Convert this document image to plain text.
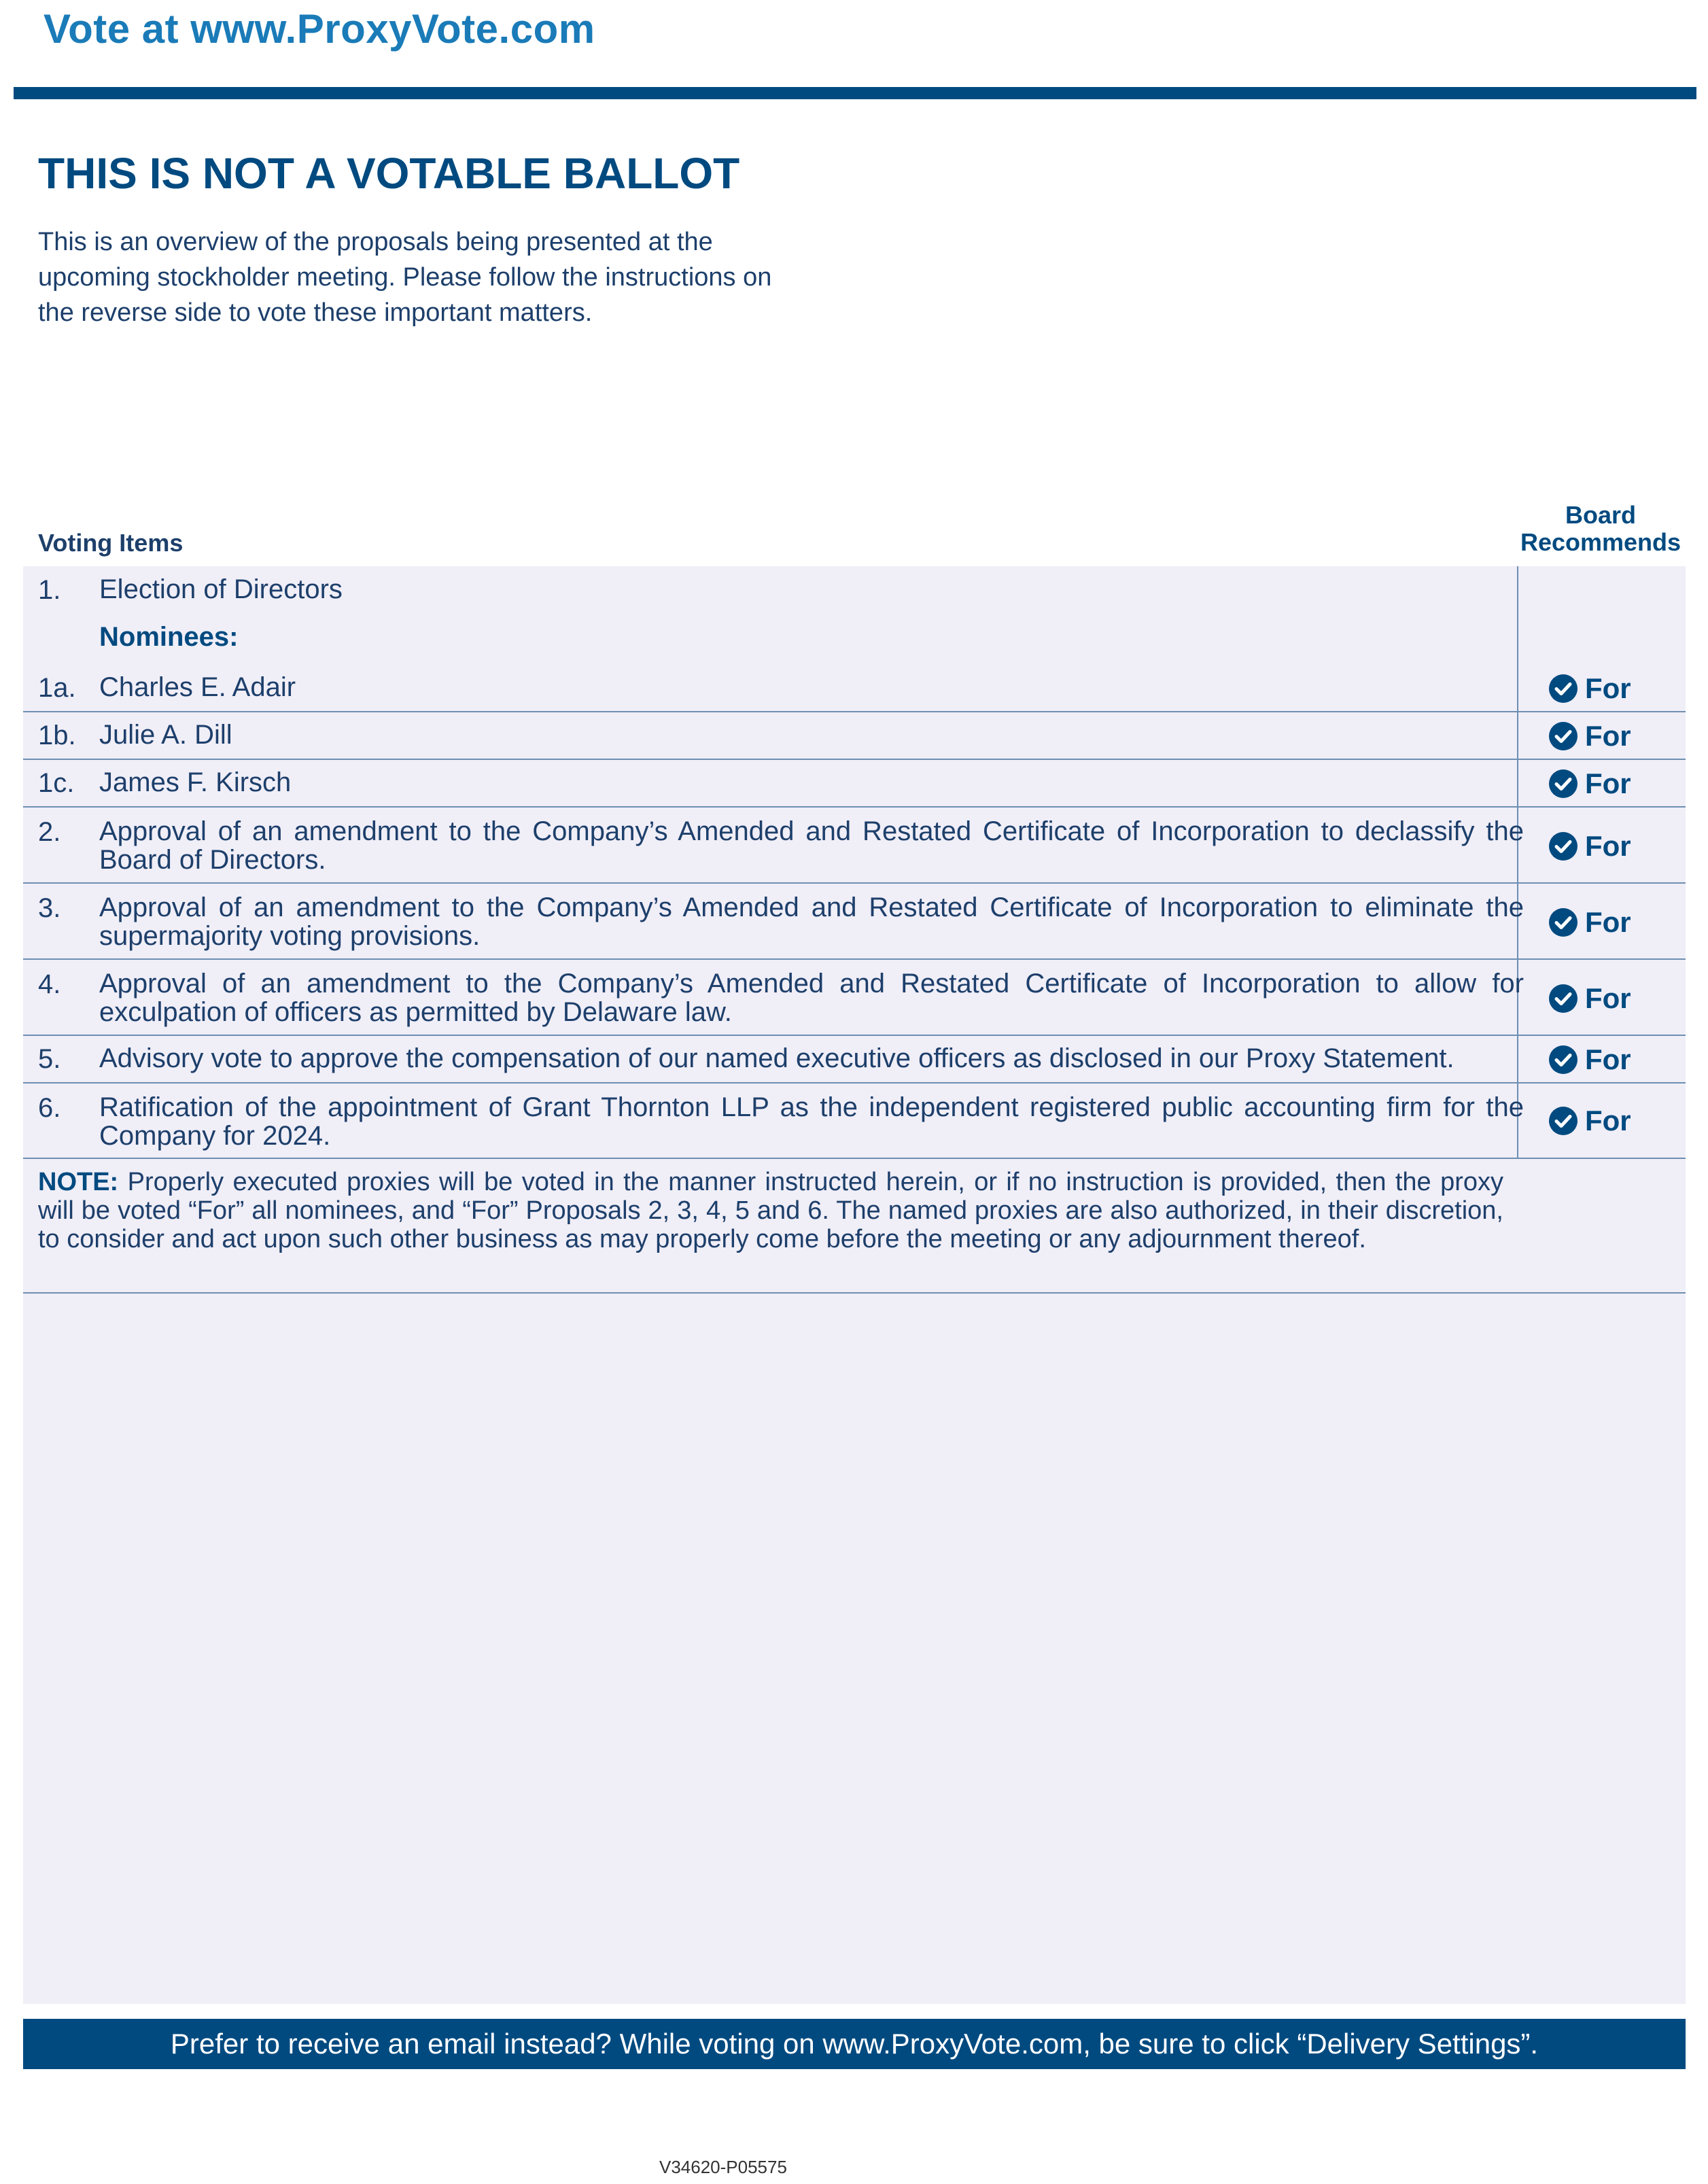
Vote at www.ProxyVote.com
THIS IS NOT A VOTABLE BALLOT
This is an overview of the proposals being presented at the
upcoming stockholder meeting. Please follow the instructions on
the reverse side to vote these important matters.
Voting Items
Board
Recommends
1. Election of Directors
Nominees:
1a. Charles E. Adair	For
1b. Julie A. Dill	For
1c. James F. Kirsch	For
2. Approval of an amendment to the Company’s Amended and Restated Certificate of Incorporation to declassify the Board of Directors.	For
3. Approval of an amendment to the Company’s Amended and Restated Certificate of Incorporation to eliminate the supermajority voting provisions.	For
4. Approval of an amendment to the Company’s Amended and Restated Certificate of Incorporation to allow for exculpation of officers as permitted by Delaware law.	For
5. Advisory vote to approve the compensation of our named executive officers as disclosed in our Proxy Statement.	For
6. Ratification of the appointment of Grant Thornton LLP as the independent registered public accounting firm for the Company for 2024.	For
NOTE: Properly executed proxies will be voted in the manner instructed herein, or if no instruction is provided, then the proxy will be voted “For” all nominees, and “For” Proposals 2, 3, 4, 5 and 6. The named proxies are also authorized, in their discretion, to consider and act upon such other business as may properly come before the meeting or any adjournment thereof.
Prefer to receive an email instead? While voting on www.ProxyVote.com, be sure to click “Delivery Settings”.
V34620-P05575
